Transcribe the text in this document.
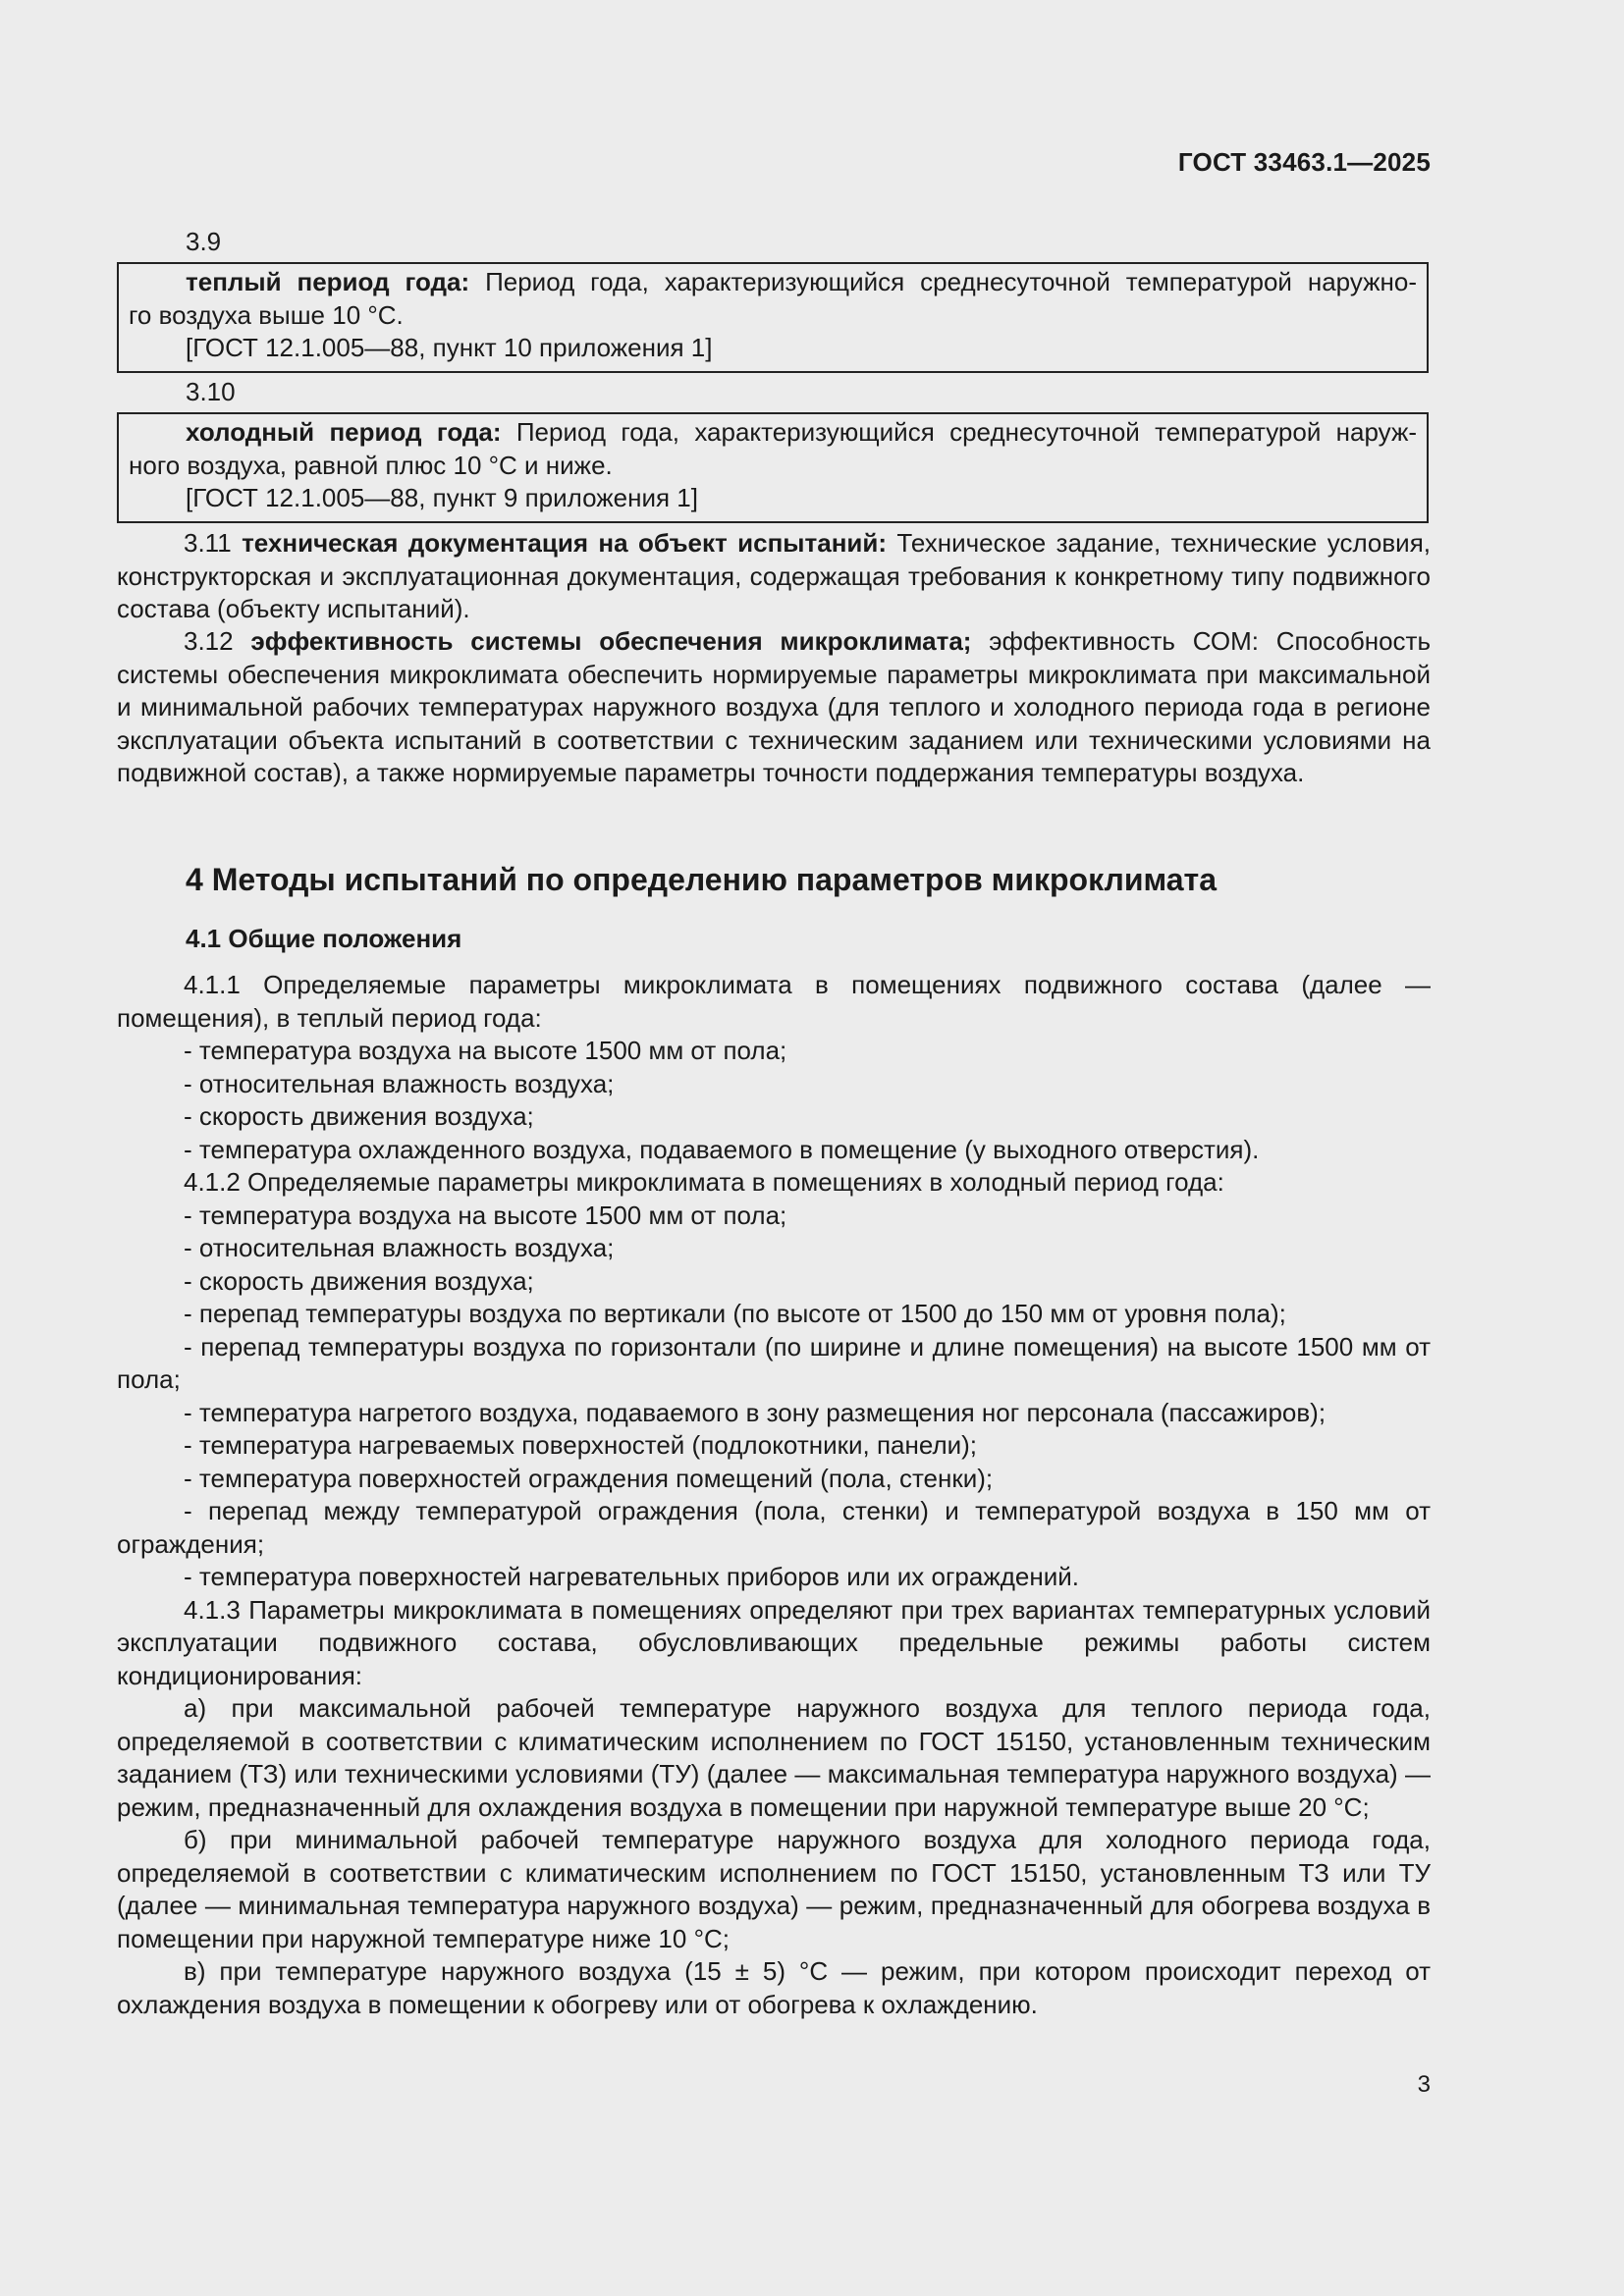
ГОСТ 33463.1—2025
3.9

теплый период года: Период года, характеризующийся среднесуточной температурой наружно-

го воздуха выше 10 °С.

[ГОСТ 12.1.005—88, пункт 10 приложения 1]

3.10

холодный период года: Период года, характеризующийся среднесуточной температурой наруж-

ного воздуха, равной плюс 10 °С и ниже.

[ГОСТ 12.1.005—88, пункт 9 приложения 1]

3.11 техническая документация на объект испытаний: Техническое задание, технические условия, конструкторская и эксплуатационная документация, содержащая требования к конкретному типу подвижного состава (объекту испытаний).

3.12 эффективность системы обеспечения микроклимата; эффективность СОМ: Способность системы обеспечения микроклимата обеспечить нормируемые параметры микроклимата при максимальной и минимальной рабочих температурах наружного воздуха (для теплого и холодного периода года в регионе эксплуатации объекта испытаний в соответствии с техническим заданием или техническими условиями на подвижной состав), а также нормируемые параметры точности поддержания температуры воздуха.

4 Методы испытаний по определению параметров микроклимата
4.1 Общие положения

4.1.1 Определяемые параметры микроклимата в помещениях подвижного состава (далее — помещения), в теплый период года:

- температура воздуха на высоте 1500 мм от пола;

- относительная влажность воздуха;

- скорость движения воздуха;

- температура охлажденного воздуха, подаваемого в помещение (у выходного отверстия).

4.1.2 Определяемые параметры микроклимата в помещениях в холодный период года:

- температура воздуха на высоте 1500 мм от пола;

- относительная влажность воздуха;

- скорость движения воздуха;

- перепад температуры воздуха по вертикали (по высоте от 1500 до 150 мм от уровня пола);

- перепад температуры воздуха по горизонтали (по ширине и длине помещения) на высоте 1500 мм от пола;

- температура нагретого воздуха, подаваемого в зону размещения ног персонала (пассажиров);

- температура нагреваемых поверхностей (подлокотники, панели);

- температура поверхностей ограждения помещений (пола, стенки);

- перепад между температурой ограждения (пола, стенки) и температурой воздуха в 150 мм от ограждения;

- температура поверхностей нагревательных приборов или их ограждений.

4.1.3 Параметры микроклимата в помещениях определяют при трех вариантах температурных условий эксплуатации подвижного состава, обусловливающих предельные режимы работы систем кондиционирования:

а) при максимальной рабочей температуре наружного воздуха для теплого периода года, определяемой в соответствии с климатическим исполнением по ГОСТ 15150, установленным техническим заданием (ТЗ) или техническими условиями (ТУ) (далее — максимальная температура наружного воздуха) — режим, предназначенный для охлаждения воздуха в помещении при наружной температуре выше 20 °С;

б) при минимальной рабочей температуре наружного воздуха для холодного периода года, определяемой в соответствии с климатическим исполнением по ГОСТ 15150, установленным ТЗ или ТУ (далее — минимальная температура наружного воздуха) — режим, предназначенный для обогрева воздуха в помещении при наружной температуре ниже 10 °С;

в) при температуре наружного воздуха (15 ± 5) °С — режим, при котором происходит переход от охлаждения воздуха в помещении к обогреву или от обогрева к охлаждению.

3
